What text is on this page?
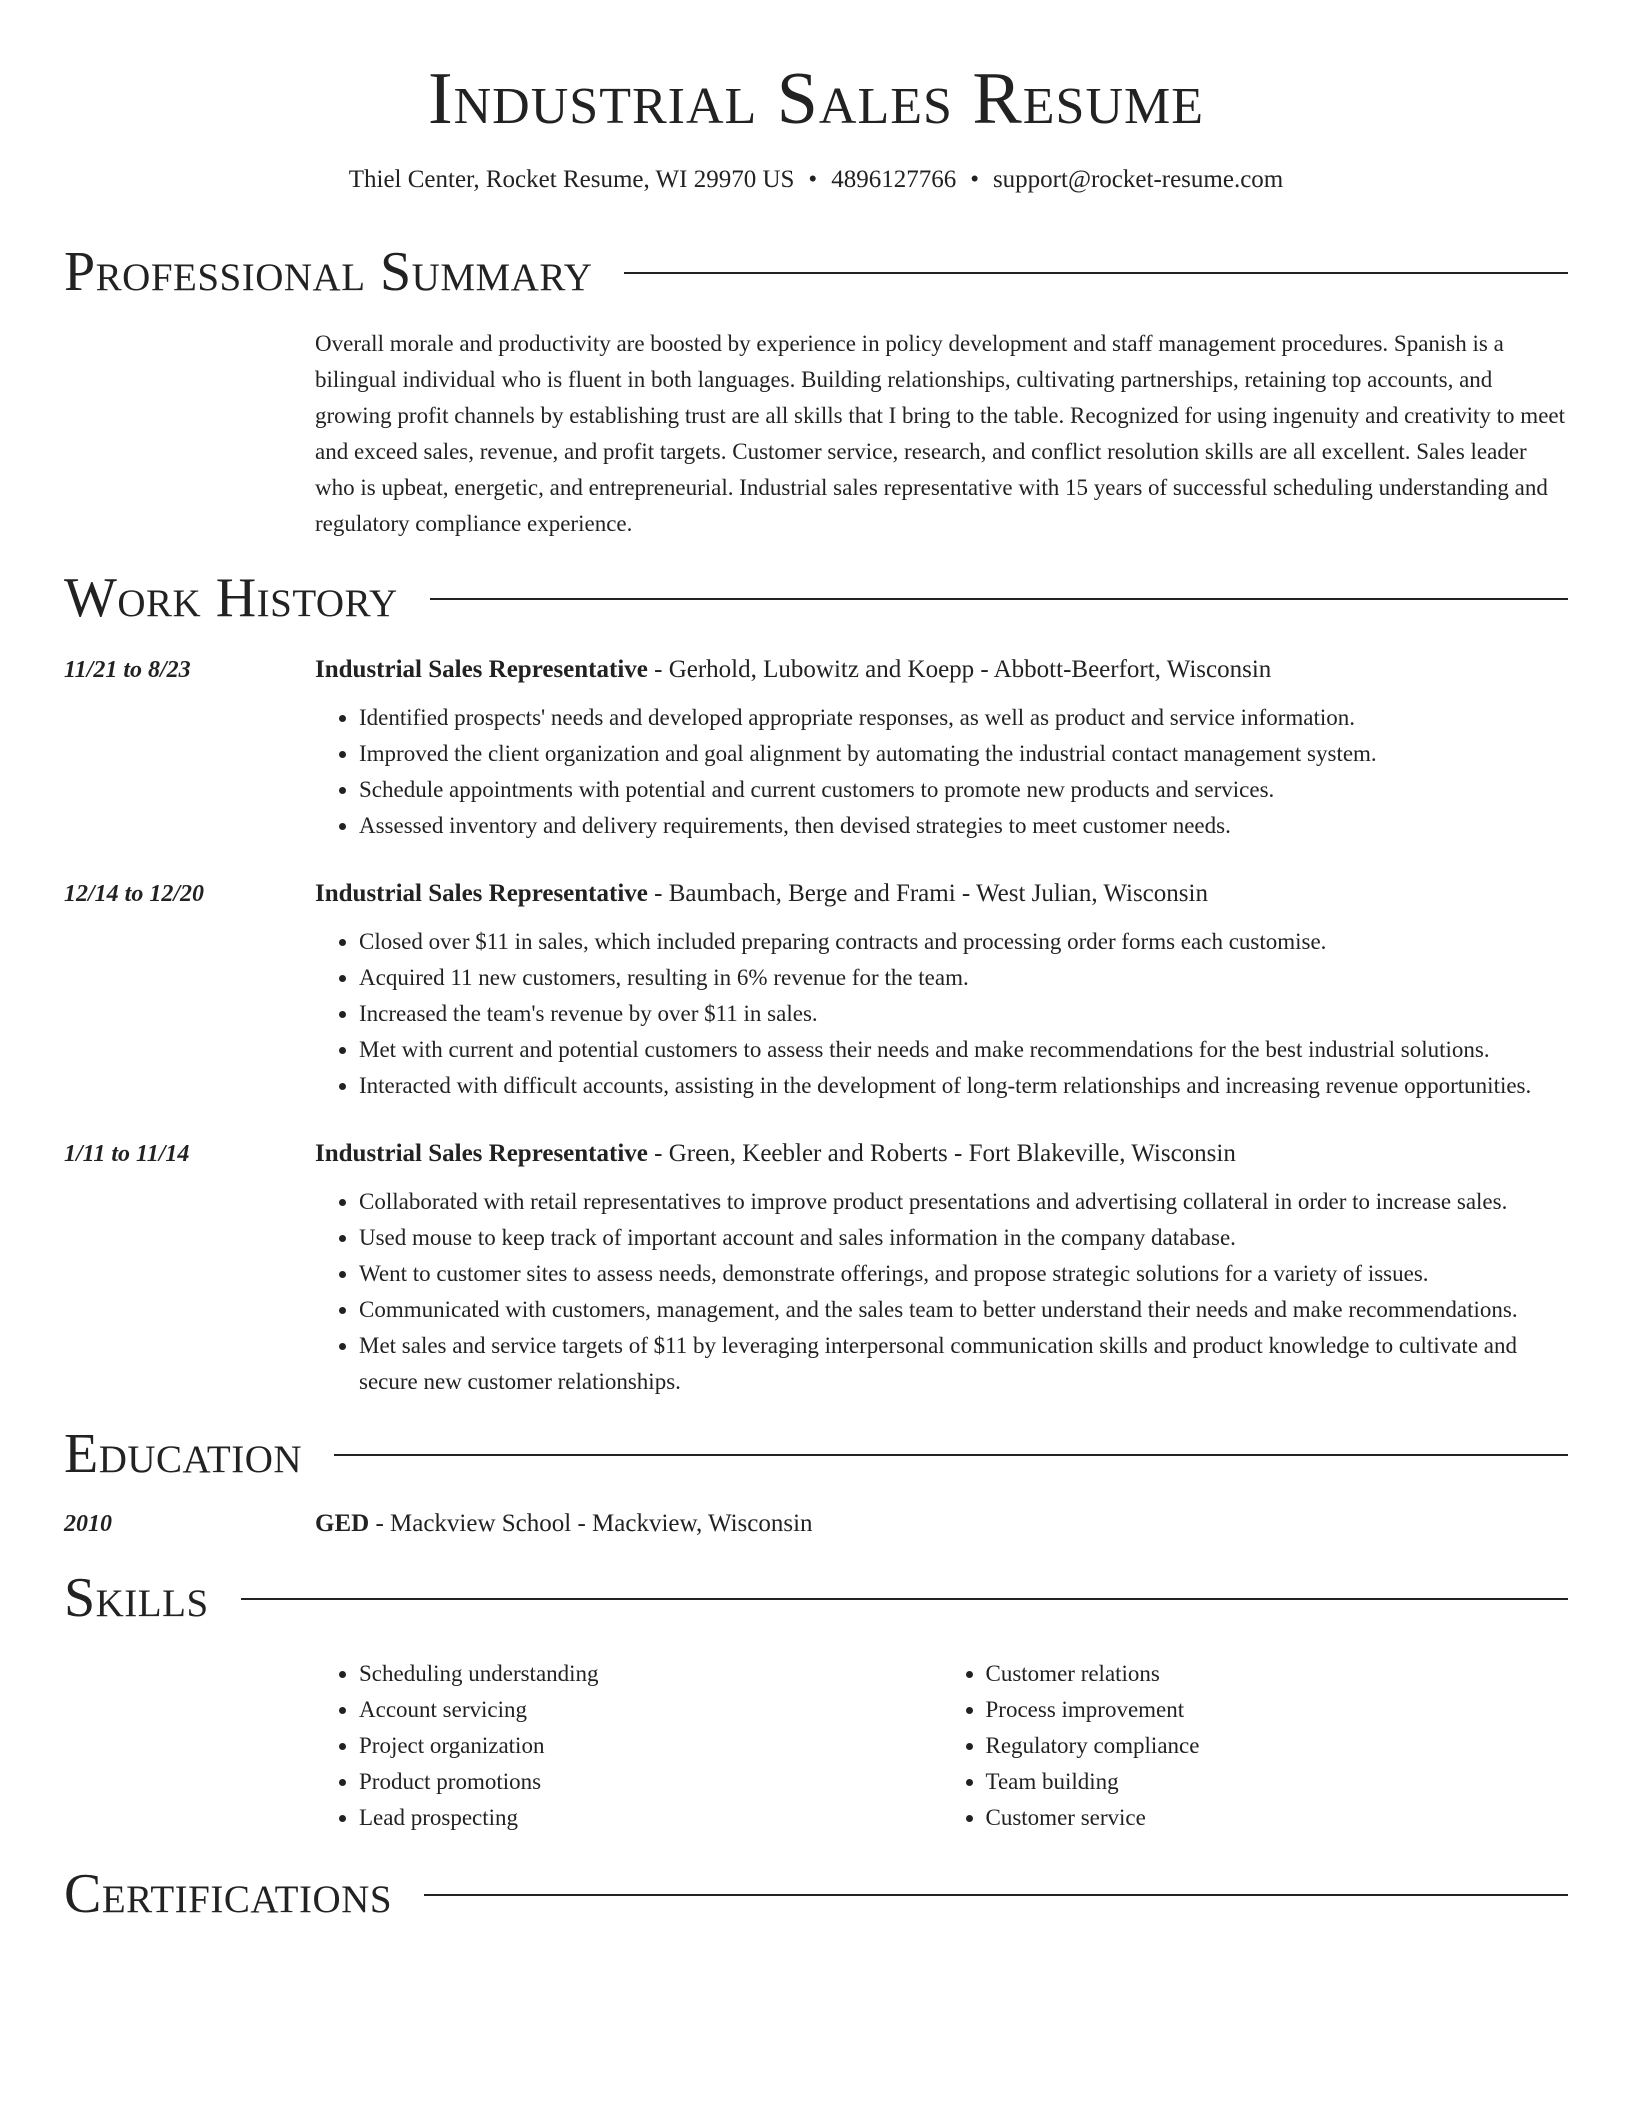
Industrial Sales Resume
Thiel Center, Rocket Resume, WI 29970 US • 4896127766 • support@rocket-resume.com
Professional Summary
Overall morale and productivity are boosted by experience in policy development and staff management procedures. Spanish is a bilingual individual who is fluent in both languages. Building relationships, cultivating partnerships, retaining top accounts, and growing profit channels by establishing trust are all skills that I bring to the table. Recognized for using ingenuity and creativity to meet and exceed sales, revenue, and profit targets. Customer service, research, and conflict resolution skills are all excellent. Sales leader who is upbeat, energetic, and entrepreneurial. Industrial sales representative with 15 years of successful scheduling understanding and regulatory compliance experience.
Work History
11/21 to 8/23	Industrial Sales Representative - Gerhold, Lubowitz and Koepp - Abbott-Beerfort, Wisconsin
• Identified prospects' needs and developed appropriate responses, as well as product and service information.
• Improved the client organization and goal alignment by automating the industrial contact management system.
• Schedule appointments with potential and current customers to promote new products and services.
• Assessed inventory and delivery requirements, then devised strategies to meet customer needs.
12/14 to 12/20	Industrial Sales Representative - Baumbach, Berge and Frami - West Julian, Wisconsin
• Closed over $11 in sales, which included preparing contracts and processing order forms each customise.
• Acquired 11 new customers, resulting in 6% revenue for the team.
• Increased the team's revenue by over $11 in sales.
• Met with current and potential customers to assess their needs and make recommendations for the best industrial solutions.
• Interacted with difficult accounts, assisting in the development of long-term relationships and increasing revenue opportunities.
1/11 to 11/14	Industrial Sales Representative - Green, Keebler and Roberts - Fort Blakeville, Wisconsin
• Collaborated with retail representatives to improve product presentations and advertising collateral in order to increase sales.
• Used mouse to keep track of important account and sales information in the company database.
• Went to customer sites to assess needs, demonstrate offerings, and propose strategic solutions for a variety of issues.
• Communicated with customers, management, and the sales team to better understand their needs and make recommendations.
• Met sales and service targets of $11 by leveraging interpersonal communication skills and product knowledge to cultivate and secure new customer relationships.
Education
2010	GED - Mackview School - Mackview, Wisconsin
Skills
• Scheduling understanding
• Account servicing
• Project organization
• Product promotions
• Lead prospecting
• Customer relations
• Process improvement
• Regulatory compliance
• Team building
• Customer service
Certifications
